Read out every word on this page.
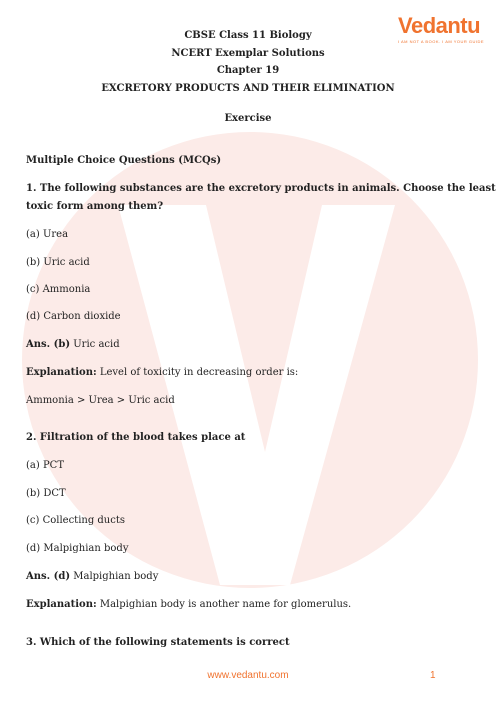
Vedantu
I AM NOT A BOOK. I AM YOUR GUIDE
CBSE Class 11 Biology
NCERT Exemplar Solutions
Chapter 19
EXCRETORY PRODUCTS AND THEIR ELIMINATION
Exercise
Multiple Choice Questions (MCQs)
1. The following substances are the excretory products in animals. Choose the least
toxic form among them?
(a) Urea
(b) Uric acid
(c) Ammonia
(d) Carbon dioxide
Ans. (b) Uric acid
Explanation: Level of toxicity in decreasing order is:
Ammonia > Urea > Uric acid
2. Filtration of the blood takes place at
(a) PCT
(b) DCT
(c) Collecting ducts
(d) Malpighian body
Ans. (d) Malpighian body
Explanation: Malpighian body is another name for glomerulus.
3. Which of the following statements is correct
www.vedantu.com	1
